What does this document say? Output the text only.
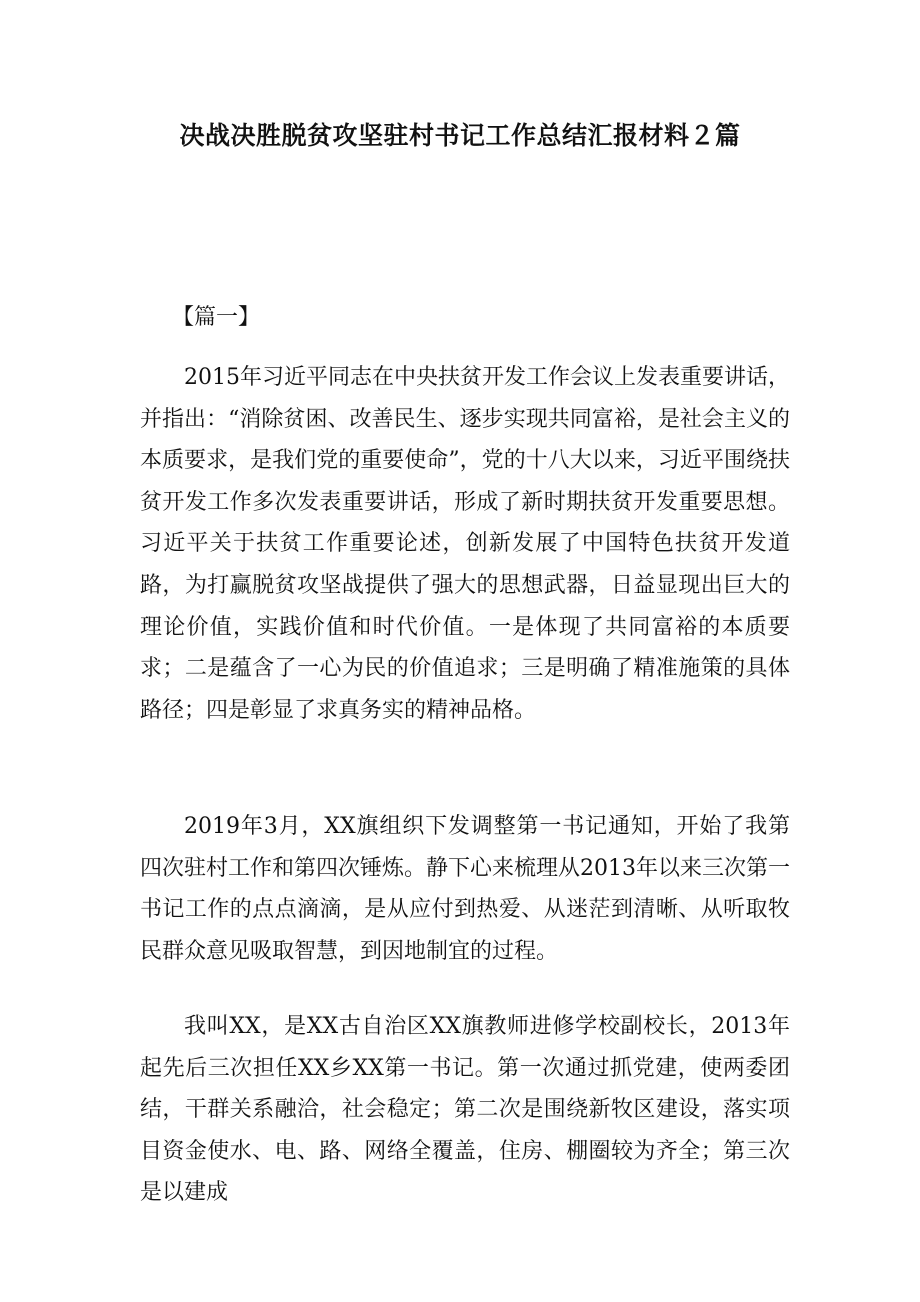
决战决胜脱贫攻坚驻村书记工作总结汇报材料２篇
【篇一】

2015年习近平同志在中央扶贫开发工作会议上发表重要讲话，并指出：“消除贫困、改善民生、逐步实现共同富裕，是社会主义的本质要求，是我们党的重要使命”，党的十八大以来，习近平围绕扶贫开发工作多次发表重要讲话，形成了新时期扶贫开发重要思想。习近平关于扶贫工作重要论述，创新发展了中国特色扶贫开发道路，为打赢脱贫攻坚战提供了强大的思想武器，日益显现出巨大的理论价值，实践价值和时代价值。一是体现了共同富裕的本质要求；二是蕴含了一心为民的价值追求；三是明确了精准施策的具体路径；四是彰显了求真务实的精神品格。

2019年3月，XX旗组织下发调整第一书记通知，开始了我第四次驻村工作和第四次锤炼。静下心来梳理从2013年以来三次第一书记工作的点点滴滴，是从应付到热爱、从迷茫到清晰、从听取牧民群众意见吸取智慧，到因地制宜的过程。

我叫XX，是XX古自治区XX旗教师进修学校副校长，2013年起先后三次担任XX乡XX第一书记。第一次通过抓党建，使两委团结，干群关系融洽，社会稳定；第二次是围绕新牧区建设，落实项目资金使水、电、路、网络全覆盖，住房、棚圈较为齐全；第三次是以建成
